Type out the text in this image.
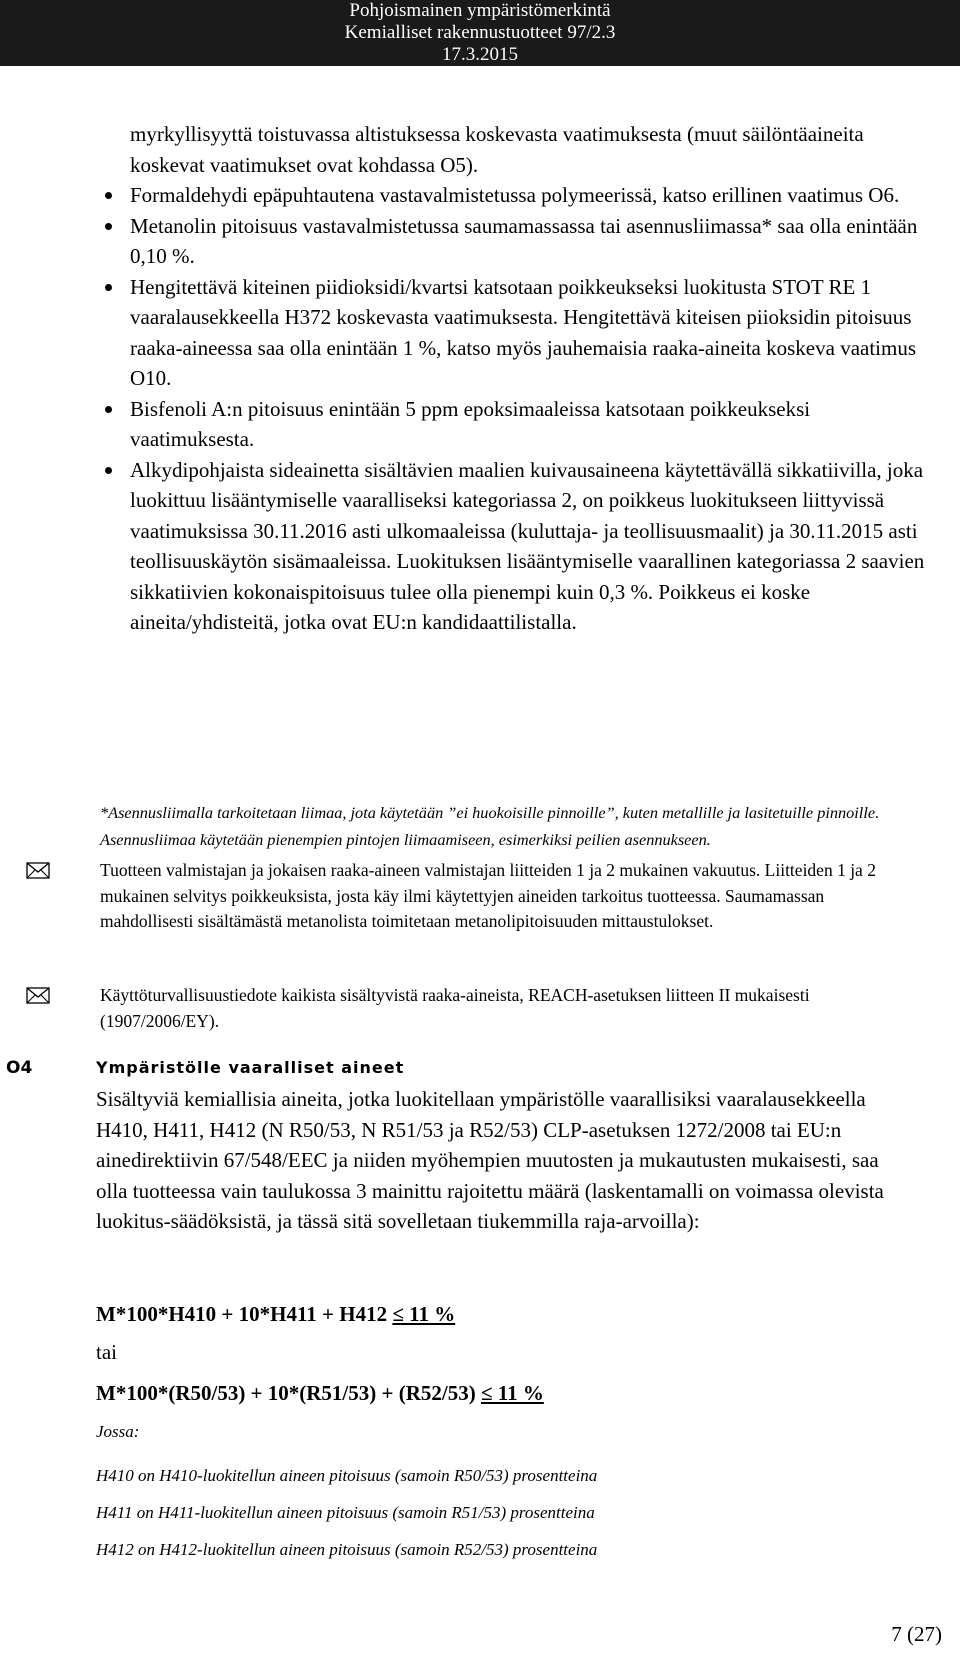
Pohjoismainen ympäristömerkintä
Kemialliset rakennustuotteet 97/2.3
17.3.2015

myrkyllisyyttä toistuvassa altistuksessa koskevasta vaatimuksesta (muut säilöntäaineita koskevat vaatimukset ovat kohdassa O5).

Formaldehydi epäpuhtautena vastavalmistetussa polymeerissä, katso erillinen vaatimus O6.

Metanolin pitoisuus vastavalmistetussa saumamassassa tai asennusliimassa* saa olla enintään 0,10 %.

Hengitettävä kiteinen piidioksidi/kvartsi katsotaan poikkeukseksi luokitusta STOT RE 1 vaaralausekkeella H372 koskevasta vaatimuksesta. Hengitettävä kiteisen piioksidin pitoisuus raaka-aineessa saa olla enintään 1 %, katso myös jauhemaisia raaka-aineita koskeva vaatimus O10.

Bisfenoli A:n pitoisuus enintään 5 ppm epoksimaaleissa katsotaan poikkeukseksi vaatimuksesta.

Alkydipohjaista sideainetta sisältävien maalien kuivausaineena käytettävällä sikkatiivilla, joka luokittuu lisääntymiselle vaaralliseksi kategoriassa 2, on poikkeus luokitukseen liittyvissä vaatimuksissa 30.11.2016 asti ulkomaaleissa (kuluttaja- ja teollisuusmaalit) ja 30.11.2015 asti teollisuuskäytön sisämaaleissa. Luokituksen lisääntymiselle vaarallinen kategoriassa 2 saavien sikkatiivien kokonaispitoisuus tulee olla pienempi kuin 0,3 %. Poikkeus ei koske aineita/yhdisteitä, jotka ovat EU:n kandidaattilistalla.

*Asennusliimalla tarkoitetaan liimaa, jota käytetään ”ei huokoisille pinnoille”, kuten metallille ja lasitetuille pinnoille. Asennusliimaa käytetään pienempien pintojen liimaamiseen, esimerkiksi peilien asennukseen.
Tuotteen valmistajan ja jokaisen raaka-aineen valmistajan liitteiden 1 ja 2 mukainen vakuutus. Liitteiden 1 ja 2 mukainen selvitys poikkeuksista, josta käy ilmi käytettyjen aineiden tarkoitus tuotteessa. Saumamassan mahdollisesti sisältämästä metanolista toimitetaan metanolipitoisuuden mittaustulokset.
Käyttöturvallisuustiedote kaikista sisältyvistä raaka-aineista, REACH-asetuksen liitteen II mukaisesti (1907/2006/EY).
O4	Ympäristölle vaaralliset aineet
Sisältyviä kemiallisia aineita, jotka luokitellaan ympäristölle vaarallisiksi vaaralausekkeella H410, H411, H412 (N R50/53, N R51/53 ja R52/53) CLP-asetuksen 1272/2008 tai EU:n ainedirektiivin 67/548/EEC ja niiden myöhempien muutosten ja mukautusten mukaisesti, saa olla tuotteessa vain taulukossa 3 mainittu rajoitettu määrä (laskentamalli on voimassa olevista luokitus-säädöksistä, ja tässä sitä sovelletaan tiukemmilla raja-arvoilla):
M*100*H410 + 10*H411 + H412 ≤ 11 %
tai
M*100*(R50/53) + 10*(R51/53) + (R52/53) ≤ 11 %
Jossa:
H410 on H410-luokitellun aineen pitoisuus (samoin R50/53) prosentteina
H411 on H411-luokitellun aineen pitoisuus (samoin R51/53) prosentteina
H412 on H412-luokitellun aineen pitoisuus (samoin R52/53) prosentteina
7 (27)
